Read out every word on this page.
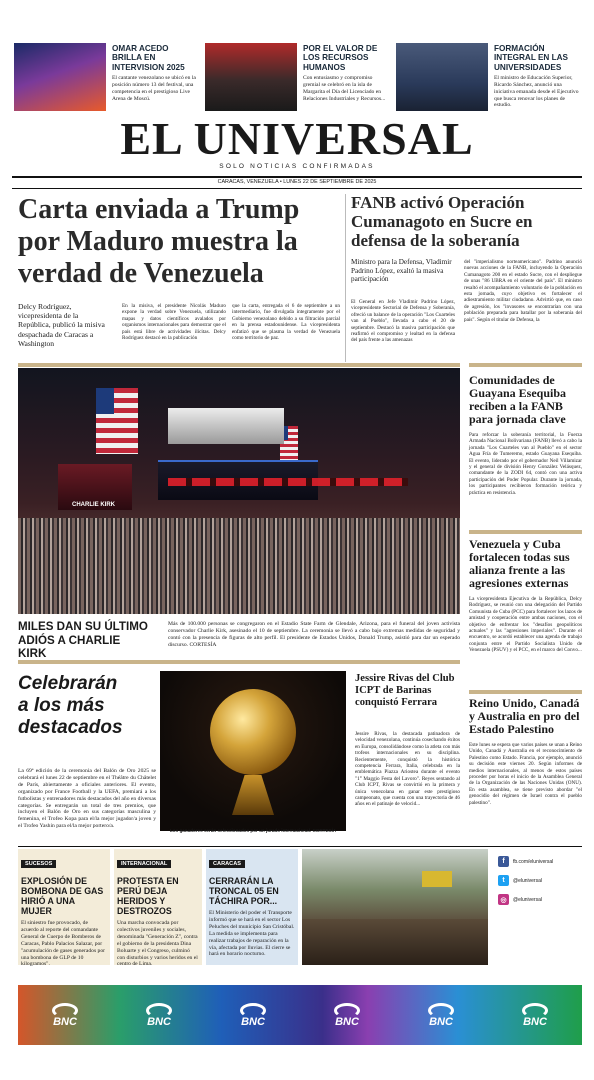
OMAR ACEDO BRILLA EN INTERVISION 2025
El cantante venezolano se ubicó en la posición número 13 del festival, una competencia en el prestigioso Live Arena de Moscú.
POR EL VALOR DE LOS RECURSOS HUMANOS
Con entusiasmo y compromiso gremial se celebró en la isla de Margarita el Día del Licenciado en Relaciones Industriales y Recursos...
FORMACIÓN INTEGRAL EN LAS UNIVERSIDADES
El ministro de Educación Superior, Ricardo Sánchez, anunció una iniciativa emanada desde el Ejecutivo que busca renovar los planes de estudio.
EL UNIVERSAL
SOLO NOTICIAS CONFIRMADAS
CARACAS, VENEZUELA • LUNES 22 DE SEPTIEMBRE DE 2025
Carta enviada a Trump por Maduro muestra la verdad de Venezuela
Delcy Rodríguez, vicepresidenta de la República, publicó la misiva despachada de Caracas a Washington
En la misiva, el presidente Nicolás Maduro expone la verdad sobre Venezuela, utilizando mapas y datos científicos avalados por organismos internacionales para demostrar que el país está libre de actividades ilícitas. Delcy Rodríguez destacó en la publicación
que la carta, entregada el 6 de septiembre a un intermediario, fue divulgada íntegramente por el Gobierno venezolano debido a su filtración parcial en la prensa estadounidense. La vicepresidenta enfatizó que se plasma la verdad de Venezuela como territorio de paz.
FANB activó Operación Cumanagoto en Sucre en defensa de la soberanía
Ministro para la Defensa, Vladimir Padrino López, exaltó la masiva participación
El General en Jefe Vladimir Padrino López, vicepresidente Sectorial de Defensa y Soberanía, ofreció un balance de la operación "Los Cuarteles van al Pueblo", llevada a cabo el 20 de septiembre. Destacó la masiva participación que reafirmó el compromiso y lealtad en la defensa del país frente a las amenazas
del "imperialismo norteamericano". Padrino anunció nuevas acciones de la FANB, incluyendo la Operación Cumanagoto 200 en el estado Sucre, con el despliegue de unas "86 UBRA en el oriente del país". El ministro resaltó el acompañamiento voluntario de la población en esta jornada, cuyo objetivo es fortalecer el adiestramiento militar ciudadano. Advirtió que, en caso de agresión, los "invasores se encontrarían con una población preparada para batallar por la soberanía del país". Según el titular de Defensa, la
CHARLIE KIRK
MILES DAN SU ÚLTIMO ADIÓS A CHARLIE KIRK
Más de 100.000 personas se congregaron en el Estadio State Farm de Glendale, Arizona, para el funeral del joven activista conservador Charlie Kirk, asesinado el 10 de septiembre. La ceremonia se llevó a cabo bajo extremas medidas de seguridad y contó con la presencia de figuras de alto perfil. El presidente de Estados Unidos, Donald Trump, asistió para dar un esperado discurso. CORTESÍA
Comunidades de Guayana Esequiba reciben a la FANB para jornada clave
Para reforzar la soberanía territorial, la Fuerza Armada Nacional Bolivariana (FANB) llevó a cabo la jornada "Los Cuarteles van al Pueblo" en el sector Agua Fría de Tumeremo, estado Guayana Esequiba. El evento, liderado por el gobernador Neil Villamizar y el general de división Henry González Velásquez, comandante de la ZODI 64, contó con una activa participación del Poder Popular. Durante la jornada, los participantes recibieron formación teórica y práctica en resistencia.
Venezuela y Cuba fortalecen todas sus alianza frente a las agresiones externas
La vicepresidenta Ejecutiva de la República, Delcy Rodríguez, se reunió con una delegación del Partido Comunista de Cuba (PCC) para fortalecer los lazos de amistad y cooperación entre ambas naciones, con el objetivo de enfrentar los "desafíos geopolíticos actuales" y las "agresiones imperiales". Durante el encuentro, se acordó establecer una agenda de trabajo conjunta entre el Partido Socialista Unido de Venezuela (PSUV) y el PCC, en el marco del Convo...
Reino Unido, Canadá y Australia en pro del Estado Palestino
Este lunes se espera que varios países se unan a Reino Unido, Canadá y Australia en el reconocimiento de Palestino como Estado. Francia, por ejemplo, anunció su decisión este viernes 20. Según informes de medios internacionales, al menos de estos países proceder por horas el inicio de la Asamblea General de la Organización de las Naciones Unidas (ONU). En esta asamblea, se tiene previsto abordar "el genocidio del régimen de Israel contra el pueblo palestino".
Celebrarán a los más destacados
La 69ª edición de la ceremonia del Balón de Oro 2025 se celebrará el lunes 22 de septiembre en el Théâtre du Châtelet de París, abiertamente a oficiales anteriores. El evento, organizado por France Football y la UEFA, premiará a los futbolistas y entrenadores más destacados del año en diversas categorías. Se entregarán un total de tres premios, que incluyen el Balón de Oro en sus categorías masculina y femenina, el Trofeo Kopa para el/la mejor jugador/a joven y el Trofeo Yashin para el/la mejor portero/a.
Los ganadores serán seleccionados por un jurado internacional. CORTESÍA
Jessire Rivas del Club ICPT de Barinas conquistó Ferrara
Jessire Rivas, la destacada patinadora de velocidad venezolana, continúa cosechando éxitos en Europa, consolidándose como la atleta con más trofeos internacionales en su disciplina. Recientemente, conquistó la histórica competencia Ferrara, Italia, celebrada en la emblemática Piazza Ariostea durante el evento "1° Maggio Festa del Lavoro". Reyes sentando al Club ICPT, Rivas se convirtió en la primera y única venezolana en ganar este prestigioso campeonato, que cuenta con una trayectoria de 46 años en el patinaje de velocid...
SUCESOS
EXPLOSIÓN DE BOMBONA DE GAS HIRIÓ A UNA MUJER
El siniestro fue provocado, de acuerdo al reporte del comandante General de Cuerpo de Bomberos de Caracas, Pablo Palacios Salazar, por "acumulación de gases generados por una bombona de GLP de 10 kilogramos".
INTERNACIONAL
PROTESTA EN PERÚ DEJA HERIDOS Y DESTROZOS
Una marcha convocada por colectivos juveniles y sociales, denominada "Generación Z", contra el gobierno de la presidenta Dina Boluarte y el Congreso, culminó con disturbios y varios heridos en el centro de Lima.
CARACAS
CERRARÁN LA TRONCAL 05 EN TÁCHIRA POR...
El Ministerio del poder el Transporte informó que se hará en el sector Los Peluches del municipio San Cristóbal. La medida se implementa para realizar trabajos de reparación en la vía, afectada por lluvias. El cierre se hará en horario nocturno.
f	fb.com/eluniversal
t	@eluniversal
◎	@eluniversal
BNC	BNC	BNC	BNC	BNC	BNC
